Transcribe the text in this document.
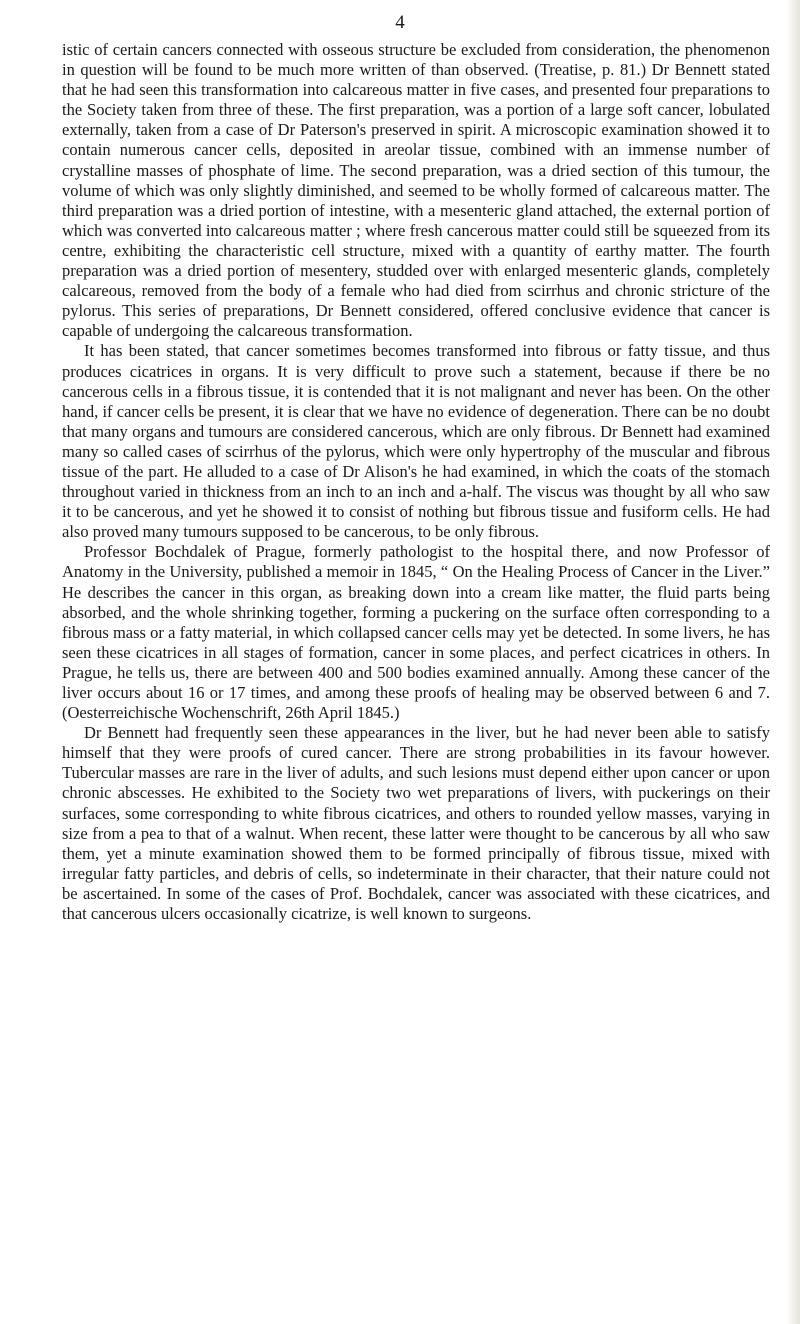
4

istic of certain cancers connected with osseous structure be excluded from consideration, the phenomenon in question will be found to be much more written of than observed. (Treatise, p. 81.) Dr Bennett stated that he had seen this transformation into calcareous matter in five cases, and presented four preparations to the Society taken from three of these. The first preparation, was a portion of a large soft cancer, lobulated externally, taken from a case of Dr Paterson's preserved in spirit. A microscopic examination showed it to contain numerous cancer cells, deposited in areolar tissue, combined with an immense number of crystalline masses of phosphate of lime. The second preparation, was a dried section of this tumour, the volume of which was only slightly diminished, and seemed to be wholly formed of calcareous matter. The third preparation was a dried portion of intestine, with a mesenteric gland attached, the external portion of which was converted into calcareous matter ; where fresh cancerous matter could still be squeezed from its centre, exhibiting the characteristic cell structure, mixed with a quantity of earthy matter. The fourth preparation was a dried portion of mesentery, studded over with enlarged mesenteric glands, completely calcareous, removed from the body of a female who had died from scirrhus and chronic stricture of the pylorus. This series of preparations, Dr Bennett considered, offered conclusive evidence that cancer is capable of undergoing the calcareous transformation.

It has been stated, that cancer sometimes becomes transformed into fibrous or fatty tissue, and thus produces cicatrices in organs. It is very difficult to prove such a statement, because if there be no cancerous cells in a fibrous tissue, it is contended that it is not malignant and never has been. On the other hand, if cancer cells be present, it is clear that we have no evidence of degeneration. There can be no doubt that many organs and tumours are considered cancerous, which are only fibrous. Dr Bennett had examined many so called cases of scirrhus of the pylorus, which were only hypertrophy of the muscular and fibrous tissue of the part. He alluded to a case of Dr Alison's he had examined, in which the coats of the stomach throughout varied in thickness from an inch to an inch and a-half. The viscus was thought by all who saw it to be cancerous, and yet he showed it to consist of nothing but fibrous tissue and fusiform cells. He had also proved many tumours supposed to be cancerous, to be only fibrous.

Professor Bochdalek of Prague, formerly pathologist to the hospital there, and now Professor of Anatomy in the University, published a memoir in 1845, “ On the Healing Process of Cancer in the Liver.” He describes the cancer in this organ, as breaking down into a cream like matter, the fluid parts being absorbed, and the whole shrinking together, forming a puckering on the surface often corresponding to a fibrous mass or a fatty material, in which collapsed cancer cells may yet be detected. In some livers, he has seen these cicatrices in all stages of formation, cancer in some places, and perfect cicatrices in others. In Prague, he tells us, there are between 400 and 500 bodies examined annually. Among these cancer of the liver occurs about 16 or 17 times, and among these proofs of healing may be observed between 6 and 7. (Oesterreichische Wochenschrift, 26th April 1845.)

Dr Bennett had frequently seen these appearances in the liver, but he had never been able to satisfy himself that they were proofs of cured cancer. There are strong probabilities in its favour however. Tubercular masses are rare in the liver of adults, and such lesions must depend either upon cancer or upon chronic abscesses. He exhibited to the Society two wet preparations of livers, with puckerings on their surfaces, some corresponding to white fibrous cicatrices, and others to rounded yellow masses, varying in size from a pea to that of a walnut. When recent, these latter were thought to be cancerous by all who saw them, yet a minute examination showed them to be formed principally of fibrous tissue, mixed with irregular fatty particles, and debris of cells, so indeterminate in their character, that their nature could not be ascertained. In some of the cases of Prof. Bochdalek, cancer was associated with these cicatrices, and that cancerous ulcers occasionally cicatrize, is well known to surgeons.
